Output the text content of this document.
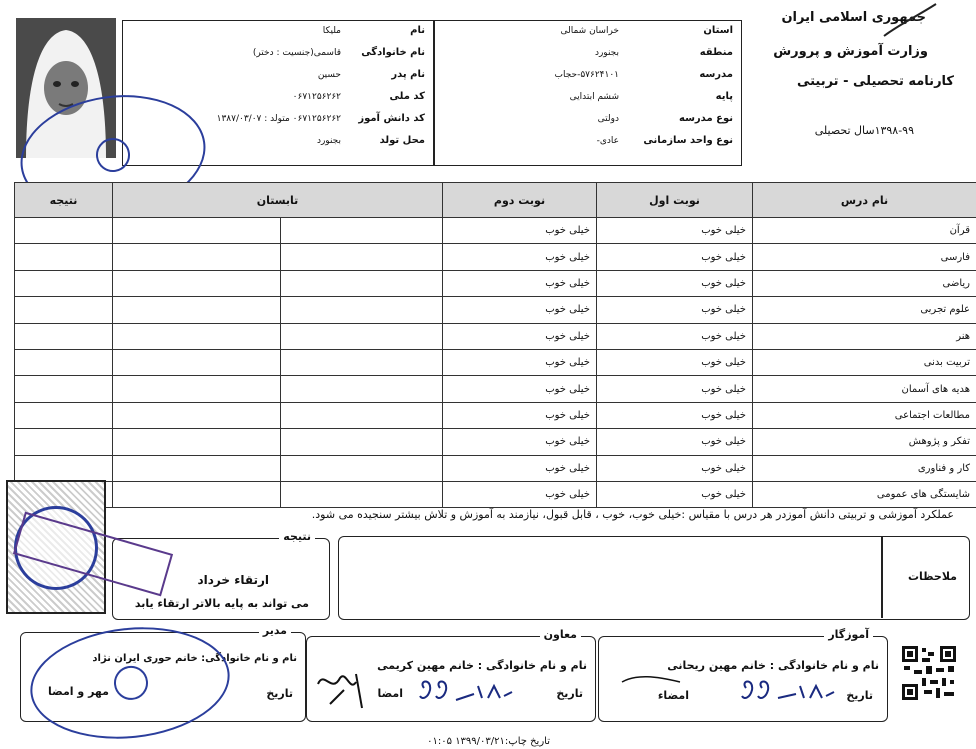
جمهوری اسلامی ایران
وزارت آموزش و پرورش
کارنامه تحصیلی - تربیتی
۱۳۹۸-۹۹سال تحصیلی
استان
خراسان شمالی
منطقه
بجنورد
مدرسه
۵۷۶۲۴۱۰۱-حجاب
پایه
ششم ابتدایی
نوع مدرسه
دولتی
نوع واحد سازمانی
عادی-
نام
ملیکا
نام خانوادگی
قاسمی(جنسیت : دختر)
نام پدر
حسین
کد ملی
۰۶۷۱۲۵۶۲۶۲
کد دانش آموز
۰۶۷۱۲۵۶۲۶۲ متولد : ۱۳۸۷/۰۳/۰۷
محل تولد
بجنورد
نتیجه	تابستان		نوبت دوم	نوبت اول	نام درس
			خیلی خوب	خیلی خوب	قرآن
			خیلی خوب	خیلی خوب	فارسی
			خیلی خوب	خیلی خوب	ریاضی
			خیلی خوب	خیلی خوب	علوم تجربی
			خیلی خوب	خیلی خوب	هنر
			خیلی خوب	خیلی خوب	تربیت بدنی
			خیلی خوب	خیلی خوب	هدیه های آسمان
			خیلی خوب	خیلی خوب	مطالعات اجتماعی
			خیلی خوب	خیلی خوب	تفکر و پژوهش
			خیلی خوب	خیلی خوب	کار و فناوری
			خیلی خوب	خیلی خوب	شایستگی های عمومی
عملکرد آموزشی و تربیتی دانش آموزدر هر درس با مقیاس :خیلی خوب، خوب ، قابل قبول، نیازمند به آموزش و تلاش بیشتر سنجیده می شود.
ملاحظات
نتیجه
ارتقاء خرداد
می تواند به پایه بالاتر ارتقاء یابد
مدیر
نام و نام خانوادگی: خانم حوری ایران نژاد
تاریخ
مهر و امضا
معاون
نام و نام خانوادگی : خانم مهین کریمی
تاریخ
امضا
آموزگار
نام و نام خانوادگی : خانم مهین ریحانی
تاریخ
امضاء
تاریخ چاپ:۱۳۹۹/۰۳/۲۱ ۰۱:۰۵
